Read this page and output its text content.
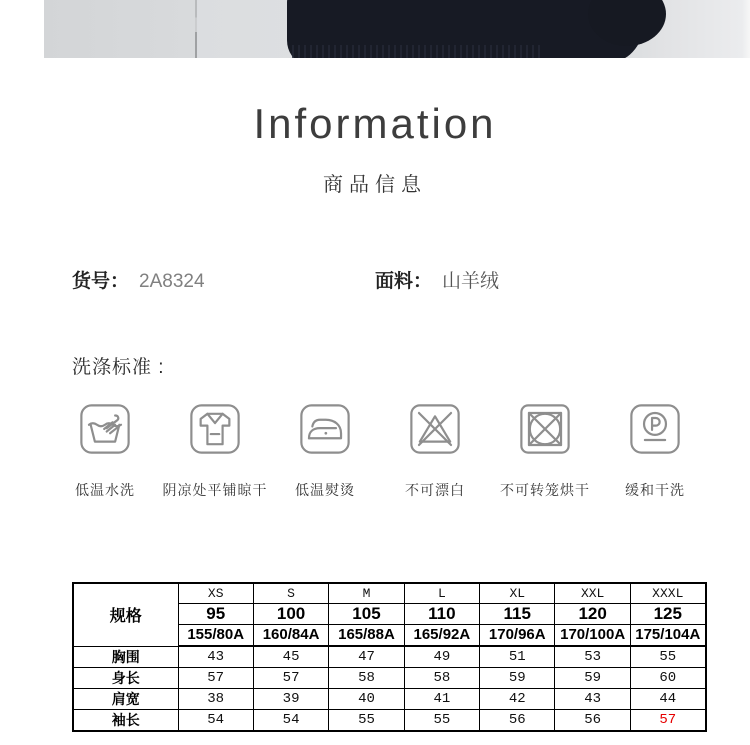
Information
商品信息
货号： 2A8324	面料： 山羊绒
洗涤标准 :
低温水洗 阴凉处平铺晾干 低温熨烫	不可漂白	不可转笼烘干	缓和干洗
规格	XS	S	M	L	XL	XXL	XXXL
	95	100	105	110	115	120	125
	155/80A	160/84A	165/88A	165/92A	170/96A	170/100A	175/104A
胸围	43	45	47	49	51	53	55
身长	57	57	58	58	59	59	60
肩宽	38	39	40	41	42	43	44
袖长	54	54	55	55	56	56	57
